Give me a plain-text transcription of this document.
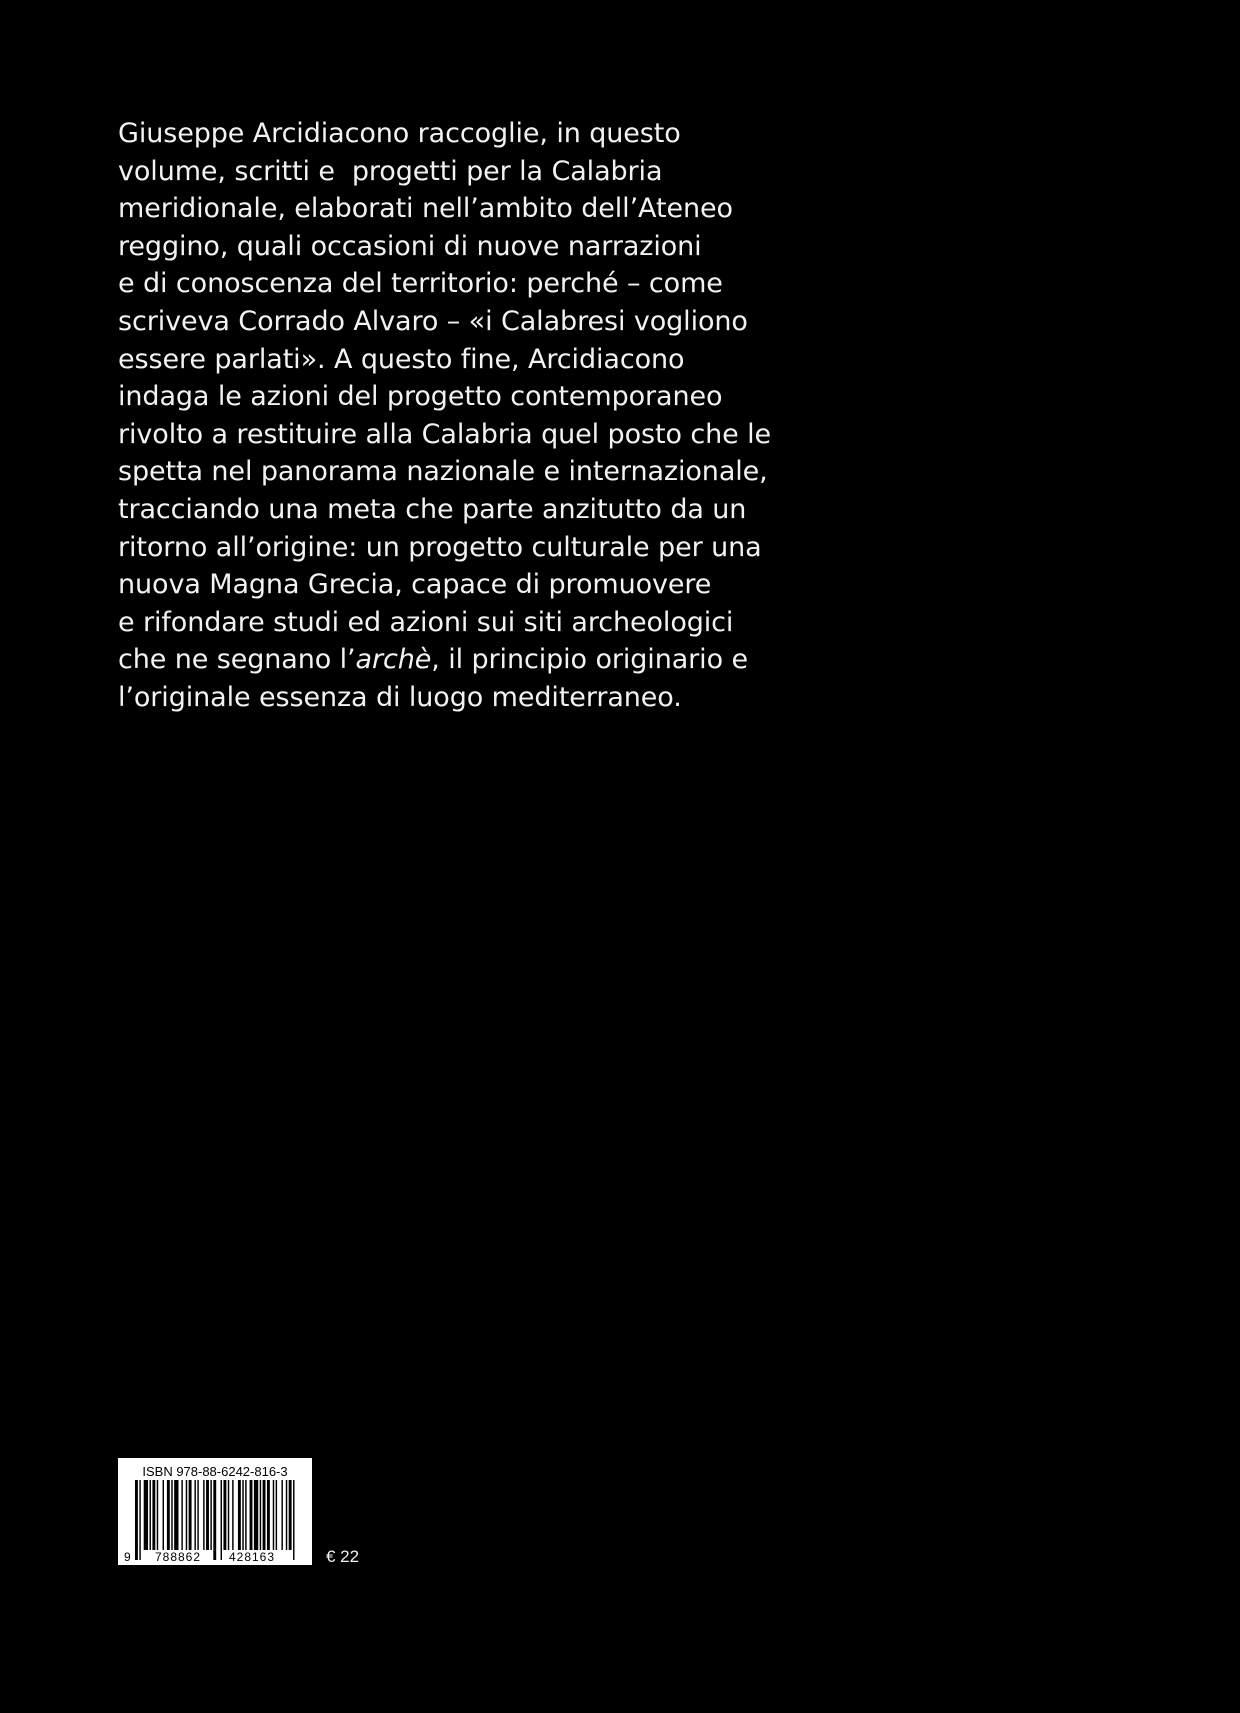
Giuseppe Arcidiacono raccoglie, in questo
volume, scritti e  progetti per la Calabria
meridionale, elaborati nell’ambito dell’Ateneo
reggino, quali occasioni di nuove narrazioni
e di conoscenza del territorio: perché – come
scriveva Corrado Alvaro – «i Calabresi vogliono
essere parlati». A questo fine, Arcidiacono
indaga le azioni del progetto contemporaneo
rivolto a restituire alla Calabria quel posto che le
spetta nel panorama nazionale e internazionale,
tracciando una meta che parte anzitutto da un
ritorno all’origine: un progetto culturale per una
nuova Magna Grecia, capace di promuovere
e rifondare studi ed azioni sui siti archeologici
che ne segnano l’archè, il principio originario e
l’originale essenza di luogo mediterraneo.
ISBN 978-88-6242-816-3
9 788862 428163	€ 22
